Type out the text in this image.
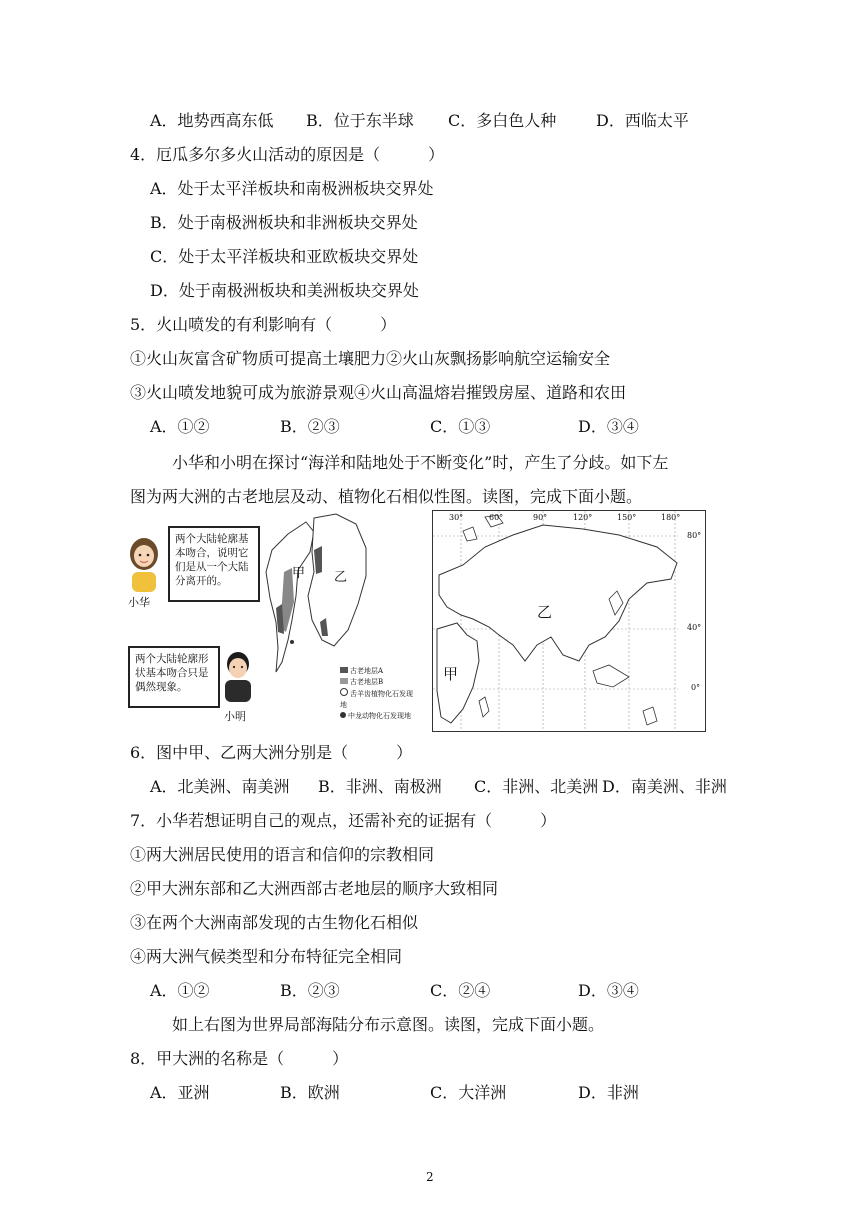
A．地势西高东低 B．位于东半球 C．多白色人种 D．西临太平
4．厄瓜多尔多火山活动的原因是（　　　）
A．处于太平洋板块和南极洲板块交界处
B．处于南极洲板块和非洲板块交界处
C．处于太平洋板块和亚欧板块交界处
D．处于南极洲板块和美洲板块交界处
5．火山喷发的有利影响有（　　　）
①火山灰富含矿物质可提高土壤肥力②火山灰飘扬影响航空运输安全
③火山喷发地貌可成为旅游景观④火山高温熔岩摧毁房屋、道路和农田
A．①②	B．②③	C．①③	D．③④
小华和小明在探讨“海洋和陆地处于不断变化”时，产生了分歧。如下左
图为两大洲的古老地层及动、植物化石相似性图。读图，完成下面小题。
小华
两个大陆轮廓基本吻合，说明它们是从一个大陆分离开的。
小明
两个大陆轮廓形状基本吻合只是偶然现象。
甲 乙
古老地层A
古老地层B
舌羊齿植物化石发现地
中龙动物化石发现地
30°	60°	90°	120°	150°	180°
80°
40°
0°
乙
甲
6．图中甲、乙两大洲分别是（　　　）
A．北美洲、南美洲 B．非洲、南极洲 C．非洲、北美洲 D．南美洲、非洲
7．小华若想证明自己的观点，还需补充的证据有（　　　）
①两大洲居民使用的语言和信仰的宗教相同
②甲大洲东部和乙大洲西部古老地层的顺序大致相同
③在两个大洲南部发现的古生物化石相似
④两大洲气候类型和分布特征完全相同
A．①②	B．②③	C．②④	D．③④
如上右图为世界局部海陆分布示意图。读图，完成下面小题。
8．甲大洲的名称是（　　　）
A．亚洲	B．欧洲	C．大洋洲	D．非洲
2
